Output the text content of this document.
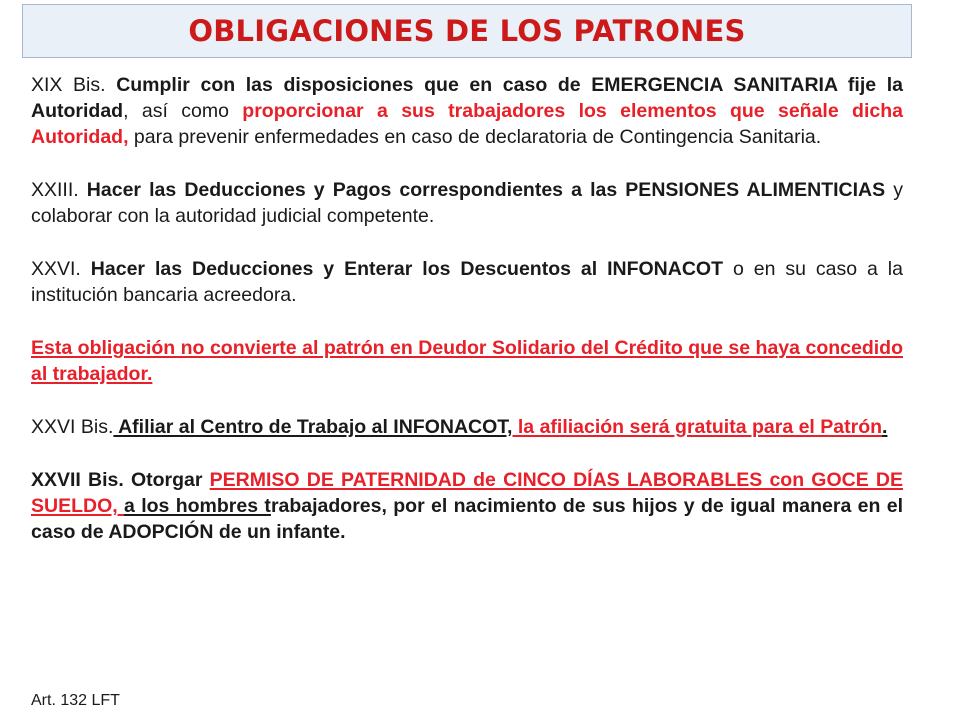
OBLIGACIONES DE LOS PATRONES

XIX Bis. Cumplir con las disposiciones que en caso de EMERGENCIA SANITARIA fije la Autoridad, así como proporcionar a sus trabajadores los elementos que señale dicha Autoridad, para prevenir enfermedades en caso de declaratoria de Contingencia Sanitaria.

XXIII. Hacer las Deducciones y Pagos correspondientes a las PENSIONES ALIMENTICIAS y colaborar con la autoridad judicial competente.

XXVI. Hacer las Deducciones y Enterar los Descuentos al INFONACOT o en su caso a la institución bancaria acreedora.

Esta obligación no convierte al patrón en Deudor Solidario del Crédito que se haya concedido al trabajador.

XXVI Bis. Afiliar al Centro de Trabajo al INFONACOT, la afiliación será gratuita para el Patrón.

XXVII Bis. Otorgar PERMISO DE PATERNIDAD de CINCO DÍAS LABORABLES con GOCE DE SUELDO, a los hombres trabajadores, por el nacimiento de sus hijos y de igual manera en el caso de ADOPCIÓN de un infante.

Art. 132 LFT
